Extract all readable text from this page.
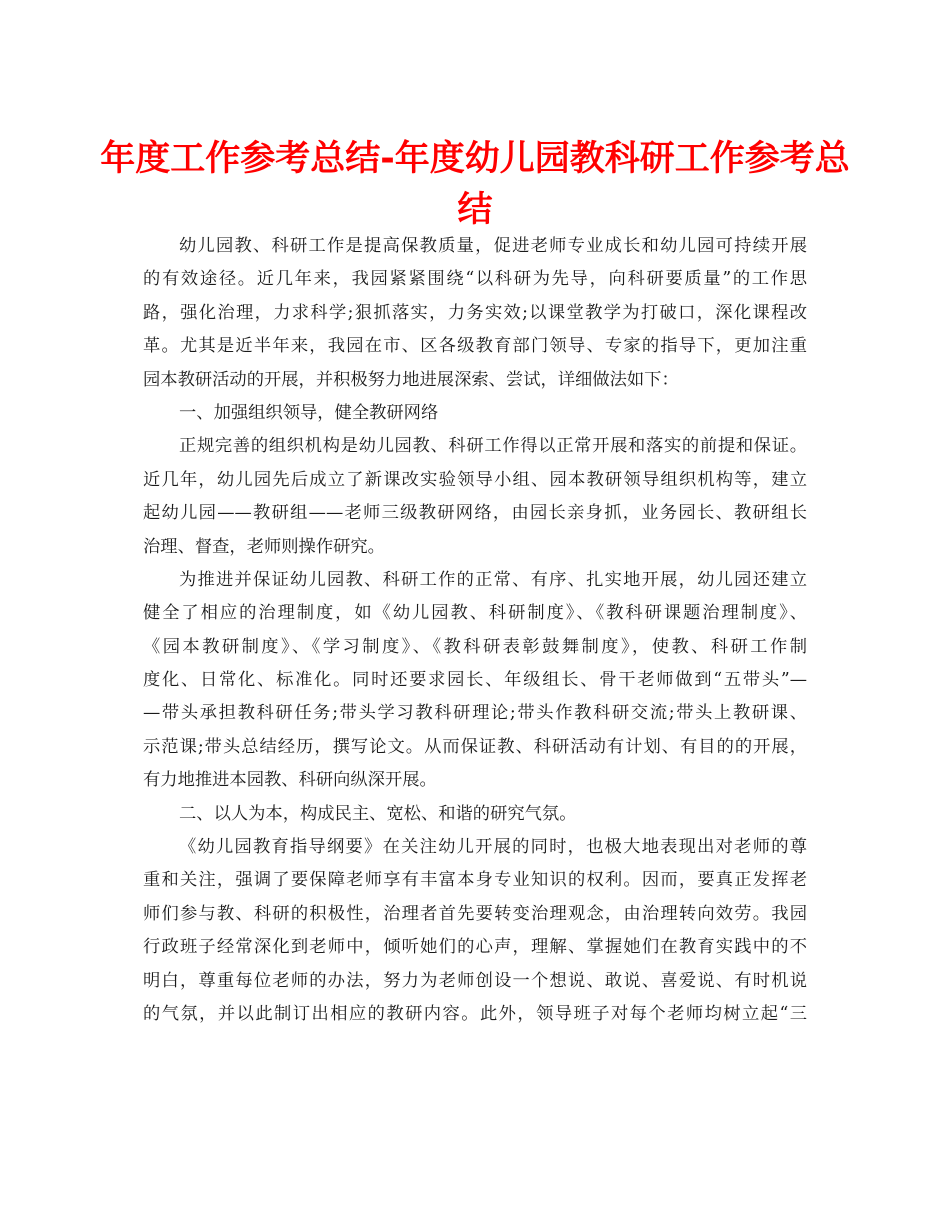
年度工作参考总结-年度幼儿园教科研工作参考总
结
幼儿园教、科研工作是提高保教质量，促进老师专业成长和幼儿园可持续开展
的有效途径。近几年来，我园紧紧围绕“以科研为先导，向科研要质量”的工作思
路，强化治理，力求科学;狠抓落实，力务实效;以课堂教学为打破口，深化课程改
革。尤其是近半年来，我园在市、区各级教育部门领导、专家的指导下，更加注重
园本教研活动的开展，并积极努力地进展深索、尝试，详细做法如下：
一、加强组织领导，健全教研网络
正规完善的组织机构是幼儿园教、科研工作得以正常开展和落实的前提和保证。
近几年，幼儿园先后成立了新课改实验领导小组、园本教研领导组织机构等，建立
起幼儿园——教研组——老师三级教研网络，由园长亲身抓，业务园长、教研组长
治理、督查，老师则操作研究。
为推进并保证幼儿园教、科研工作的正常、有序、扎实地开展，幼儿园还建立
健全了相应的治理制度，如《幼儿园教、科研制度》、《教科研课题治理制度》、
《园本教研制度》、《学习制度》、《教科研表彰鼓舞制度》，使教、科研工作制
度化、日常化、标准化。同时还要求园长、年级组长、骨干老师做到“五带头”—
—带头承担教科研任务;带头学习教科研理论;带头作教科研交流;带头上教研课、
示范课;带头总结经历，撰写论文。从而保证教、科研活动有计划、有目的的开展，
有力地推进本园教、科研向纵深开展。
二、以人为本，构成民主、宽松、和谐的研究气氛。
《幼儿园教育指导纲要》在关注幼儿开展的同时，也极大地表现出对老师的尊
重和关注，强调了要保障老师享有丰富本身专业知识的权利。因而，要真正发挥老
师们参与教、科研的积极性，治理者首先要转变治理观念，由治理转向效劳。我园
行政班子经常深化到老师中，倾听她们的心声，理解、掌握她们在教育实践中的不
明白，尊重每位老师的办法，努力为老师创设一个想说、敢说、喜爱说、有时机说
的气氛，并以此制订出相应的教研内容。此外，领导班子对每个老师均树立起“三
